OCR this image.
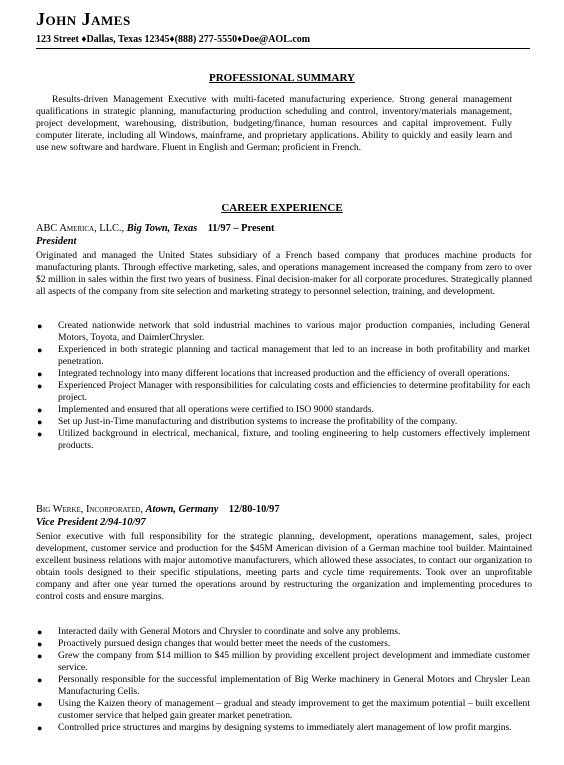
John James
123 Street ♦Dallas, Texas 12345♦(888) 277-5550♦Doe@AOL.com
PROFESSIONAL SUMMARY
Results-driven Management Executive with multi-faceted manufacturing experience. Strong general management qualifications in strategic planning, manufacturing production scheduling and control, inventory/materials management, project development, warehousing, distribution, budgeting/finance, human resources and capital improvement. Fully computer literate, including all Windows, mainframe, and proprietary applications. Ability to quickly and easily learn and use new software and hardware. Fluent in English and German; proficient in French.
CAREER EXPERIENCE
ABC America, LLC., Big Town, Texas 11/97 – Present
President
Originated and managed the United States subsidiary of a French based company that produces machine products for manufacturing plants. Through effective marketing, sales, and operations management increased the company from zero to over $2 million in sales within the first two years of business. Final decision-maker for all corporate procedures. Strategically planned all aspects of the company from site selection and marketing strategy to personnel selection, training, and development.
● Created nationwide network that sold industrial machines to various major production companies, including General Motors, Toyota, and DaimlerChrysler.
● Experienced in both strategic planning and tactical management that led to an increase in both profitability and market penetration.
● Integrated technology into many different locations that increased production and the efficiency of overall operations.
● Experienced Project Manager with responsibilities for calculating costs and efficiencies to determine profitability for each project.
● Implemented and ensured that all operations were certified to ISO 9000 standards.
● Set up Just-in-Time manufacturing and distribution systems to increase the profitability of the company.
● Utilized background in electrical, mechanical, fixture, and tooling engineering to help customers effectively implement products.
Big Werke, Incorporated, Atown, Germany 12/80-10/97
Vice President 2/94-10/97
Senior executive with full responsibility for the strategic planning, development, operations management, sales, project development, customer service and production for the $45M American division of a German machine tool builder. Maintained excellent business relations with major automotive manufacturers, which allowed these associates, to contact our organization to obtain tools designed to their specific stipulations, meeting parts and cycle time requirements. Took over an unprofitable company and after one year turned the operations around by restructuring the organization and implementing procedures to control costs and ensure margins.
● Interacted daily with General Motors and Chrysler to coordinate and solve any problems.
● Proactively pursued design changes that would better meet the needs of the customers.
● Grew the company from $14 million to $45 million by providing excellent project development and immediate customer service.
● Personally responsible for the successful implementation of Big Werke machinery in General Motors and Chrysler Lean Manufacturing Cells.
● Using the Kaizen theory of management – gradual and steady improvement to get the maximum potential – built excellent customer service that helped gain greater market penetration.
● Controlled price structures and margins by designing systems to immediately alert management of low profit margins.
